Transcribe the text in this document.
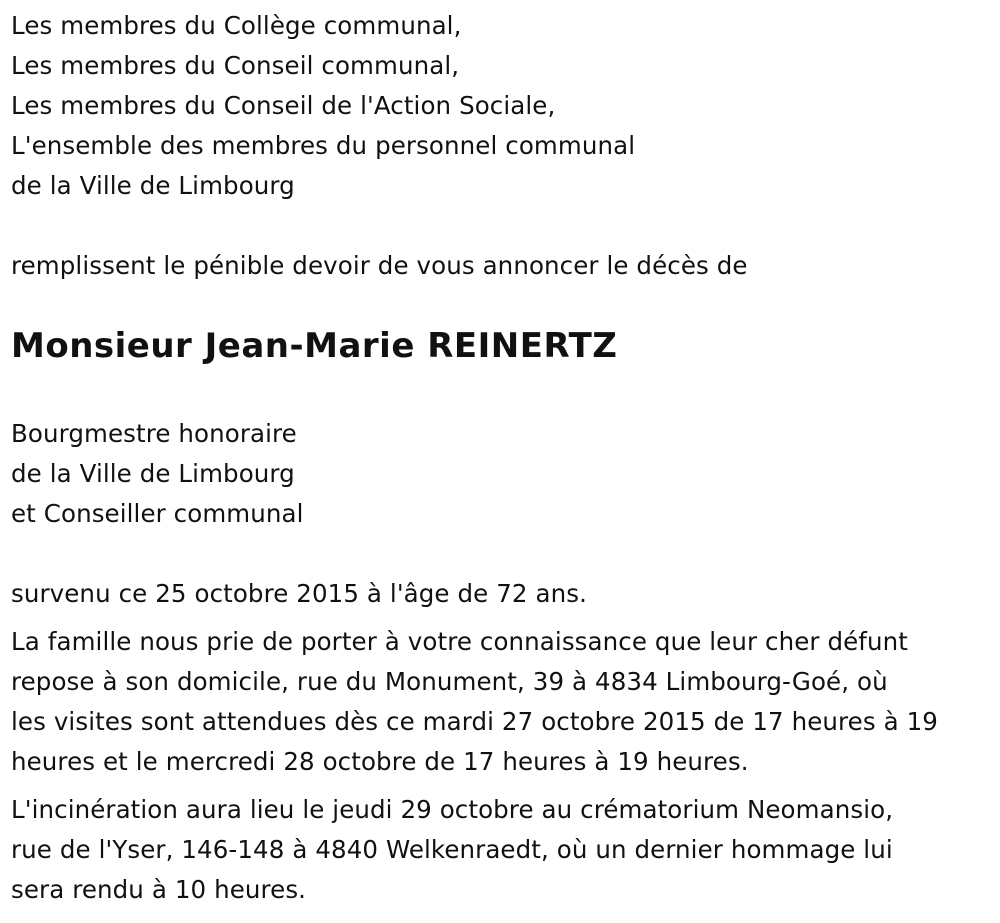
Les membres du Collège communal,
Les membres du Conseil communal,
Les membres du Conseil de l'Action Sociale,
L'ensemble des membres du personnel communal
de la Ville de Limbourg
remplissent le pénible devoir de vous annoncer le décès de
Monsieur Jean-Marie REINERTZ
Bourgmestre honoraire
de la Ville de Limbourg
et Conseiller communal
survenu ce 25 octobre 2015 à l'âge de 72 ans.
La famille nous prie de porter à votre connaissance que leur cher défunt
repose à son domicile, rue du Monument, 39 à 4834 Limbourg-Goé, où
les visites sont attendues dès ce mardi 27 octobre 2015 de 17 heures à 19
heures et le mercredi 28 octobre de 17 heures à 19 heures.
L'incinération aura lieu le jeudi 29 octobre au crématorium Neomansio,
rue de l'Yser, 146-148 à 4840 Welkenraedt, où un dernier hommage lui
sera rendu à 10 heures.
